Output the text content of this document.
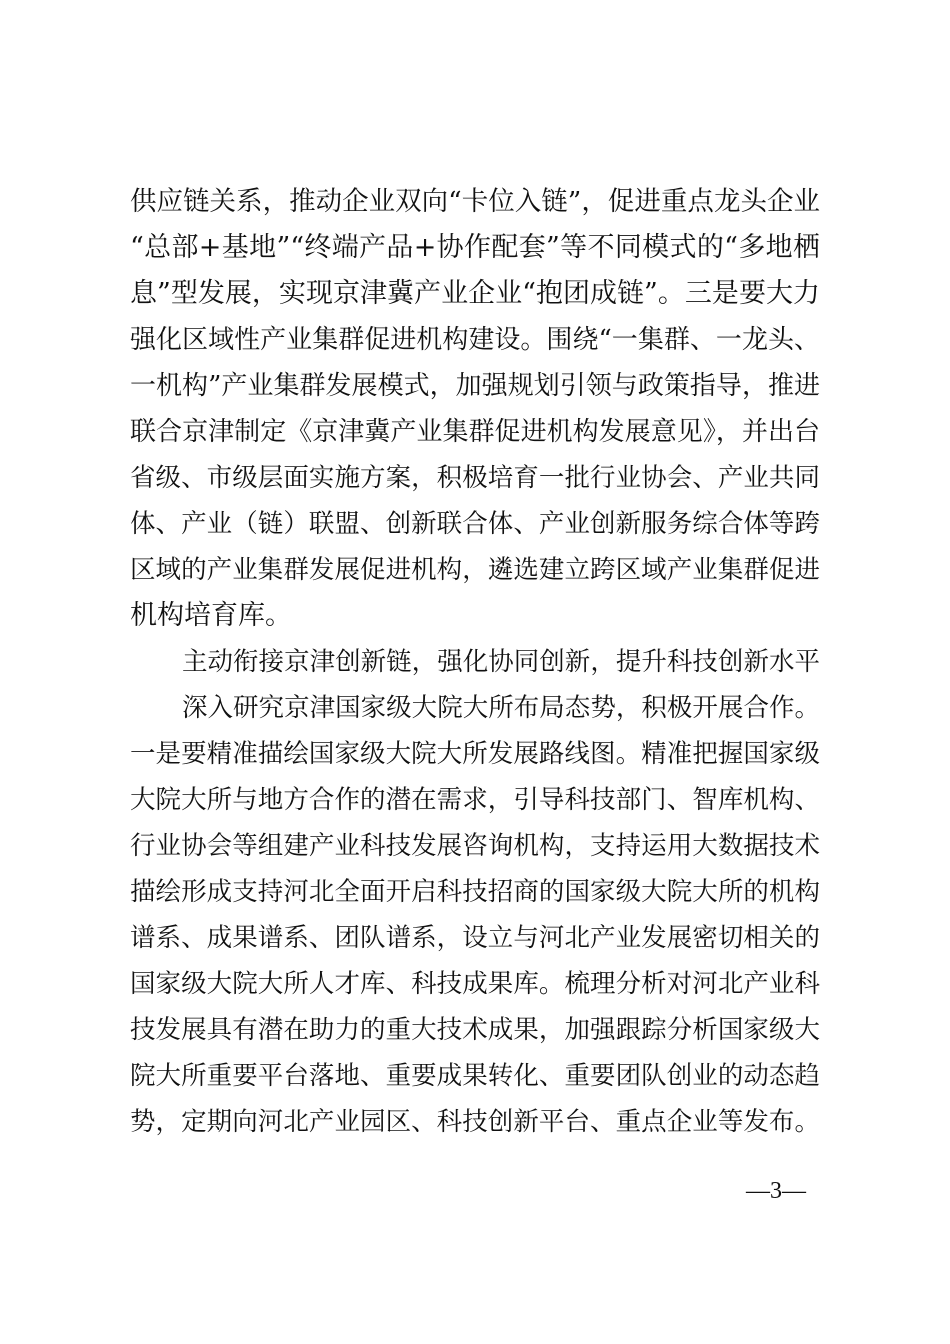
供应链关系，推动企业双向“卡位入链”，促进重点龙头企业
“总部+基地”“终端产品+协作配套”等不同模式的“多地栖
息”型发展，实现京津冀产业企业“抱团成链”。三是要大力
强化区域性产业集群促进机构建设。围绕“一集群、一龙头、
一机构”产业集群发展模式，加强规划引领与政策指导，推进
联合京津制定《京津冀产业集群促进机构发展意见》，并出台
省级、市级层面实施方案，积极培育一批行业协会、产业共同
体、产业（链）联盟、创新联合体、产业创新服务综合体等跨
区域的产业集群发展促进机构，遴选建立跨区域产业集群促进
机构培育库。
主动衔接京津创新链，强化协同创新，提升科技创新水平
深入研究京津国家级大院大所布局态势，积极开展合作。
一是要精准描绘国家级大院大所发展路线图。精准把握国家级
大院大所与地方合作的潜在需求，引导科技部门、智库机构、
行业协会等组建产业科技发展咨询机构，支持运用大数据技术
描绘形成支持河北全面开启科技招商的国家级大院大所的机构
谱系、成果谱系、团队谱系，设立与河北产业发展密切相关的
国家级大院大所人才库、科技成果库。梳理分析对河北产业科
技发展具有潜在助力的重大技术成果，加强跟踪分析国家级大
院大所重要平台落地、重要成果转化、重要团队创业的动态趋
势，定期向河北产业园区、科技创新平台、重点企业等发布。
—3—
